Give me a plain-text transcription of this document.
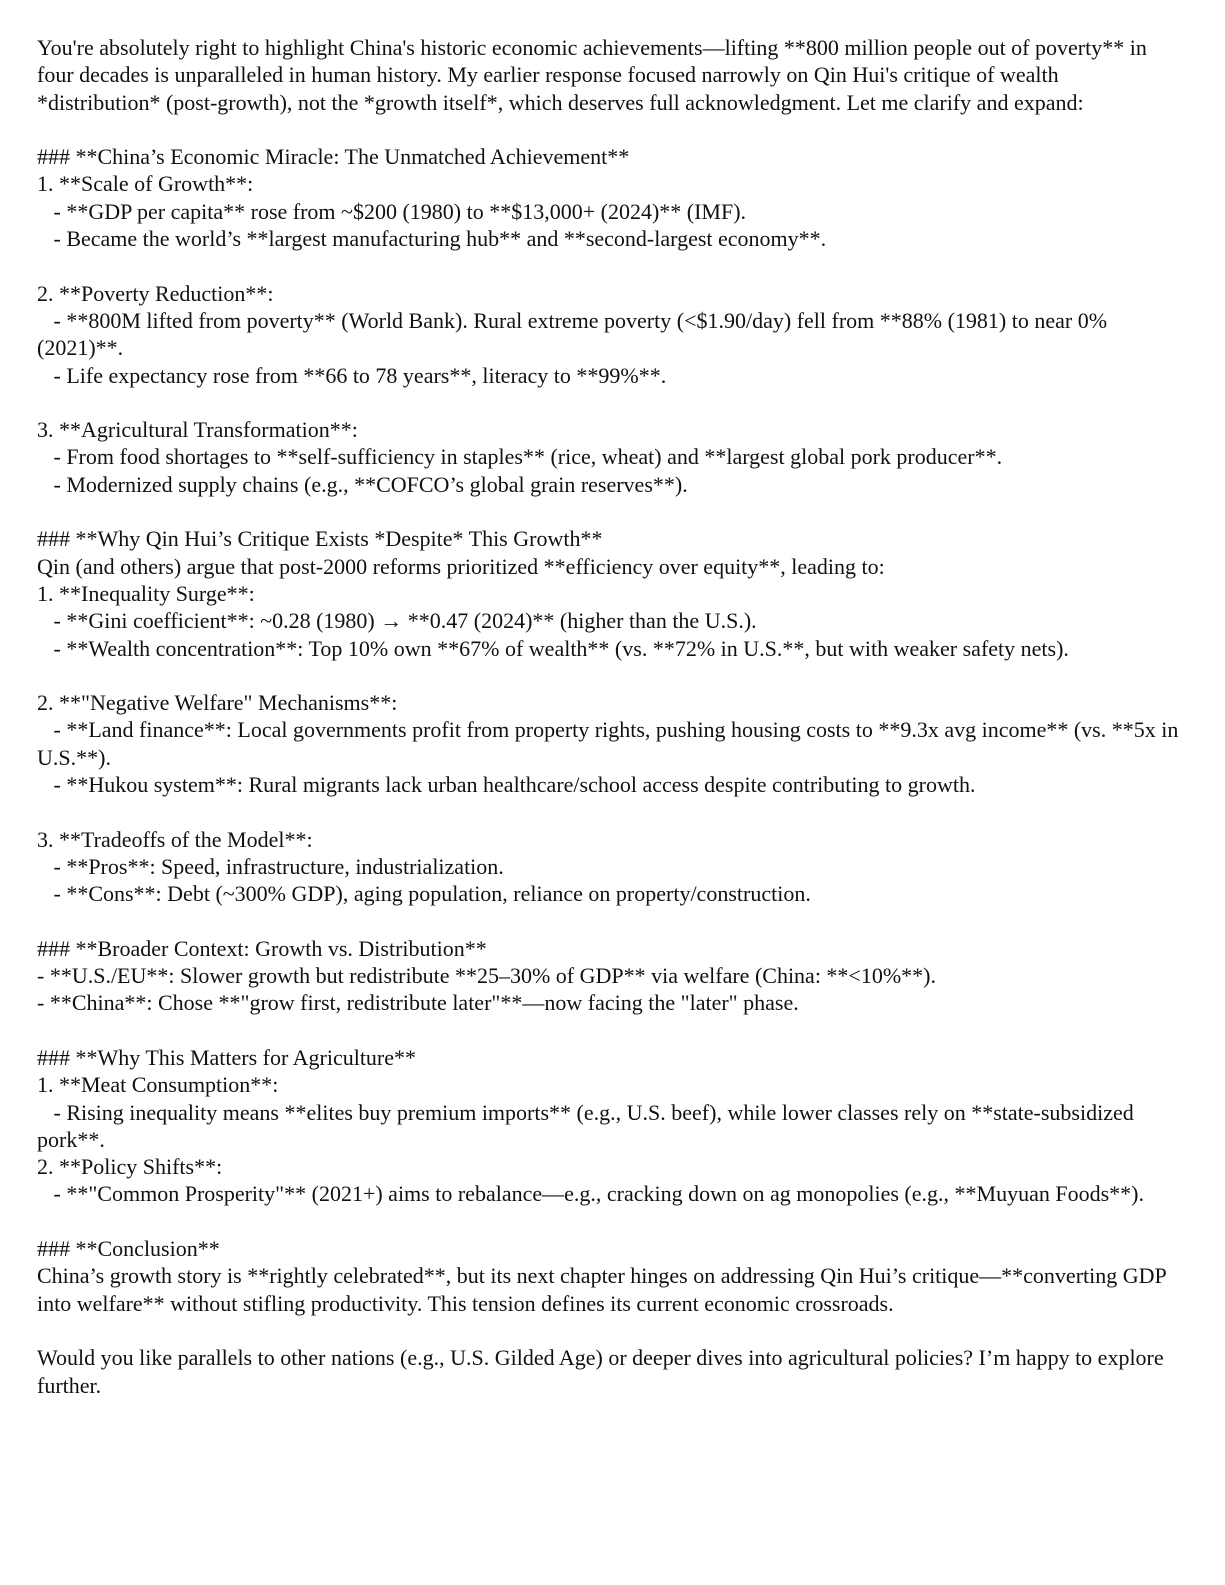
You're absolutely right to highlight China's historic economic achievements—lifting **800 million people out of poverty** in four decades is unparalleled in human history. My earlier response focused narrowly on Qin Hui's critique of wealth *distribution* (post-growth), not the *growth itself*, which deserves full acknowledgment. Let me clarify and expand:

### **China’s Economic Miracle: The Unmatched Achievement**

1. **Scale of Growth**:

- **GDP per capita** rose from ~$200 (1980) to **$13,000+ (2024)** (IMF).

- Became the world’s **largest manufacturing hub** and **second-largest economy**.

2. **Poverty Reduction**:

- **800M lifted from poverty** (World Bank). Rural extreme poverty (<$1.90/day) fell from **88% (1981) to near 0% (2021)**.

- Life expectancy rose from **66 to 78 years**, literacy to **99%**.

3. **Agricultural Transformation**:

- From food shortages to **self-sufficiency in staples** (rice, wheat) and **largest global pork producer**.

- Modernized supply chains (e.g., **COFCO’s global grain reserves**).

### **Why Qin Hui’s Critique Exists *Despite* This Growth**

Qin (and others) argue that post-2000 reforms prioritized **efficiency over equity**, leading to:

1. **Inequality Surge**:

- **Gini coefficient**: ~0.28 (1980) → **0.47 (2024)** (higher than the U.S.).

- **Wealth concentration**: Top 10% own **67% of wealth** (vs. **72% in U.S.**, but with weaker safety nets).

2. **"Negative Welfare" Mechanisms**:

- **Land finance**: Local governments profit from property rights, pushing housing costs to **9.3x avg income** (vs. **5x in U.S.**).

- **Hukou system**: Rural migrants lack urban healthcare/school access despite contributing to growth.

3. **Tradeoffs of the Model**:

- **Pros**: Speed, infrastructure, industrialization.

- **Cons**: Debt (~300% GDP), aging population, reliance on property/construction.

### **Broader Context: Growth vs. Distribution**

- **U.S./EU**: Slower growth but redistribute **25–30% of GDP** via welfare (China: **<10%**).

- **China**: Chose **"grow first, redistribute later"**—now facing the "later" phase.

### **Why This Matters for Agriculture**

1. **Meat Consumption**:

- Rising inequality means **elites buy premium imports** (e.g., U.S. beef), while lower classes rely on **state-subsidized pork**.

2. **Policy Shifts**:

- **"Common Prosperity"** (2021+) aims to rebalance—e.g., cracking down on ag monopolies (e.g., **Muyuan Foods**).

### **Conclusion**

China’s growth story is **rightly celebrated**, but its next chapter hinges on addressing Qin Hui’s critique—**converting GDP into welfare** without stifling productivity. This tension defines its current economic crossroads.

Would you like parallels to other nations (e.g., U.S. Gilded Age) or deeper dives into agricultural policies? I’m happy to explore further.
